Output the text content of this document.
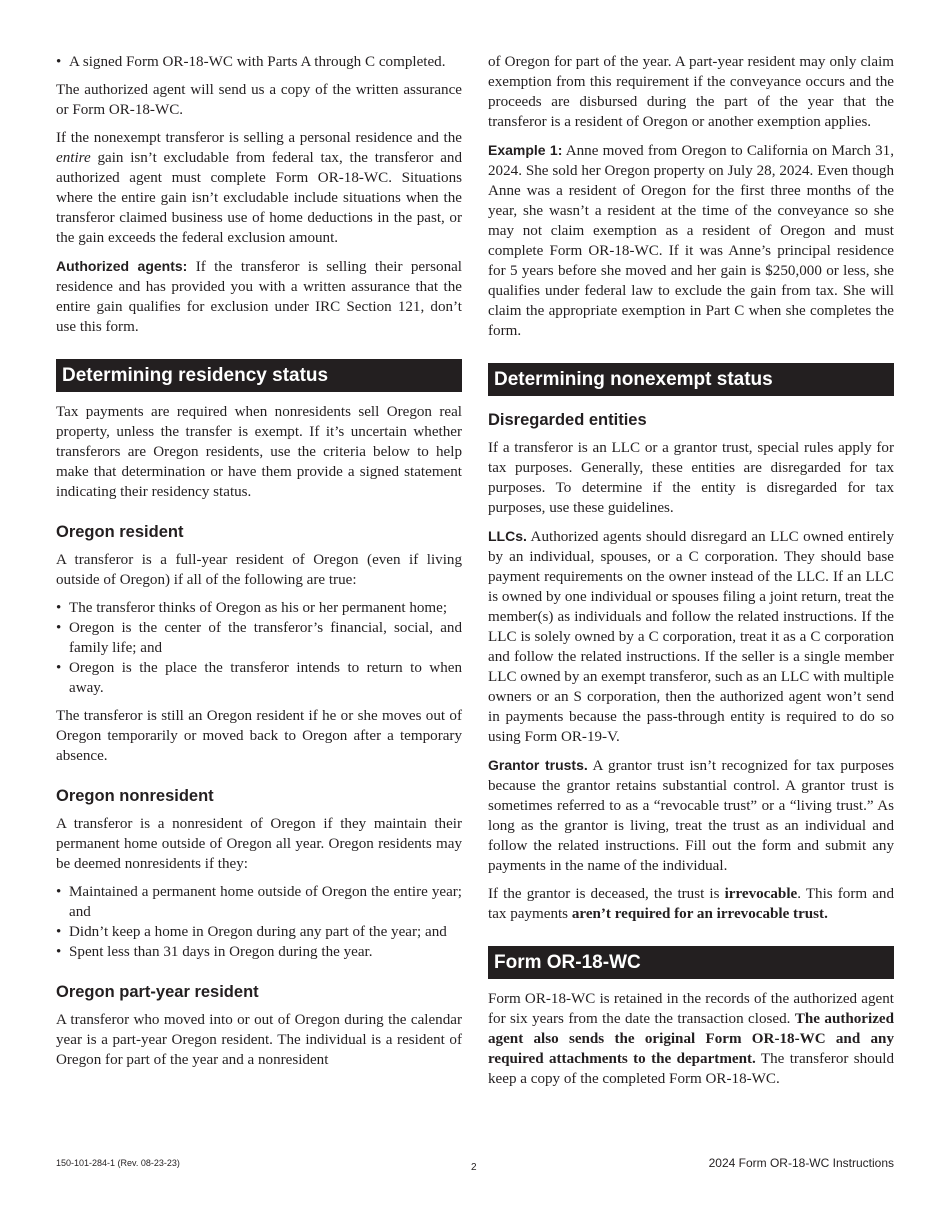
• A signed Form OR-18-WC with Parts A through C completed.

The authorized agent will send us a copy of the written assurance or Form OR-18-WC.

If the nonexempt transferor is selling a personal residence and the entire gain isn’t excludable from federal tax, the transferor and authorized agent must complete Form OR-18-WC. Situations where the entire gain isn’t excludable include situations when the transferor claimed business use of home deductions in the past, or the gain exceeds the federal exclusion amount.

Authorized agents: If the transferor is selling their personal residence and has provided you with a written assurance that the entire gain qualifies for exclusion under IRC Section 121, don’t use this form.

Determining residency status

Tax payments are required when nonresidents sell Oregon real property, unless the transfer is exempt. If it’s uncertain whether transferors are Oregon residents, use the criteria below to help make that determination or have them provide a signed statement indicating their residency status.

Oregon resident

A transferor is a full-year resident of Oregon (even if living outside of Oregon) if all of the following are true:

• The transferor thinks of Oregon as his or her permanent home;
• Oregon is the center of the transferor’s financial, social, and family life; and
• Oregon is the place the transferor intends to return to when away.

The transferor is still an Oregon resident if he or she moves out of Oregon temporarily or moved back to Oregon after a temporary absence.

Oregon nonresident

A transferor is a nonresident of Oregon if they maintain their permanent home outside of Oregon all year. Oregon residents may be deemed nonresidents if they:

• Maintained a permanent home outside of Oregon the entire year; and
• Didn’t keep a home in Oregon during any part of the year; and
• Spent less than 31 days in Oregon during the year.
Oregon part-year resident

A transferor who moved into or out of Oregon during the calendar year is a part-year Oregon resident. The individual is a resident of Oregon for part of the year and a nonresident

of Oregon for part of the year. A part-year resident may only claim exemption from this requirement if the conveyance occurs and the proceeds are disbursed during the part of the year that the transferor is a resident of Oregon or another exemption applies.

Example 1: Anne moved from Oregon to California on March 31, 2024. She sold her Oregon property on July 28, 2024. Even though Anne was a resident of Oregon for the first three months of the year, she wasn’t a resident at the time of the conveyance so she may not claim exemption as a resident of Oregon and must complete Form OR-18-WC. If it was Anne’s principal residence for 5 years before she moved and her gain is $250,000 or less, she qualifies under federal law to exclude the gain from tax. She will claim the appropriate exemption in Part C when she completes the form.

Determining nonexempt status
Disregarded entities

If a transferor is an LLC or a grantor trust, special rules apply for tax purposes. Generally, these entities are disregarded for tax purposes. To determine if the entity is disregarded for tax purposes, use these guidelines.

LLCs. Authorized agents should disregard an LLC owned entirely by an individual, spouses, or a C corporation. They should base payment requirements on the owner instead of the LLC. If an LLC is owned by one individual or spouses filing a joint return, treat the member(s) as individuals and follow the related instructions. If the LLC is solely owned by a C corporation, treat it as a C corporation and follow the related instructions. If the seller is a single member LLC owned by an exempt transferor, such as an LLC with multiple owners or an S corporation, then the authorized agent won’t send in payments because the pass-through entity is required to do so using Form OR-19-V.

Grantor trusts. A grantor trust isn’t recognized for tax purposes because the grantor retains substantial control. A grantor trust is sometimes referred to as a “revocable trust” or a “living trust.” As long as the grantor is living, treat the trust as an individual and follow the related instructions. Fill out the form and submit any payments in the name of the individual.

If the grantor is deceased, the trust is irrevocable. This form and tax payments aren’t required for an irrevocable trust.

Form OR-18-WC

Form OR-18-WC is retained in the records of the authorized agent for six years from the date the transaction closed. The authorized agent also sends the original Form OR-18-WC and any required attachments to the department. The transferor should keep a copy of the completed Form OR-18-WC.

150-101-284-1 (Rev. 08-23-23)	2	2024 Form OR-18-WC Instructions
